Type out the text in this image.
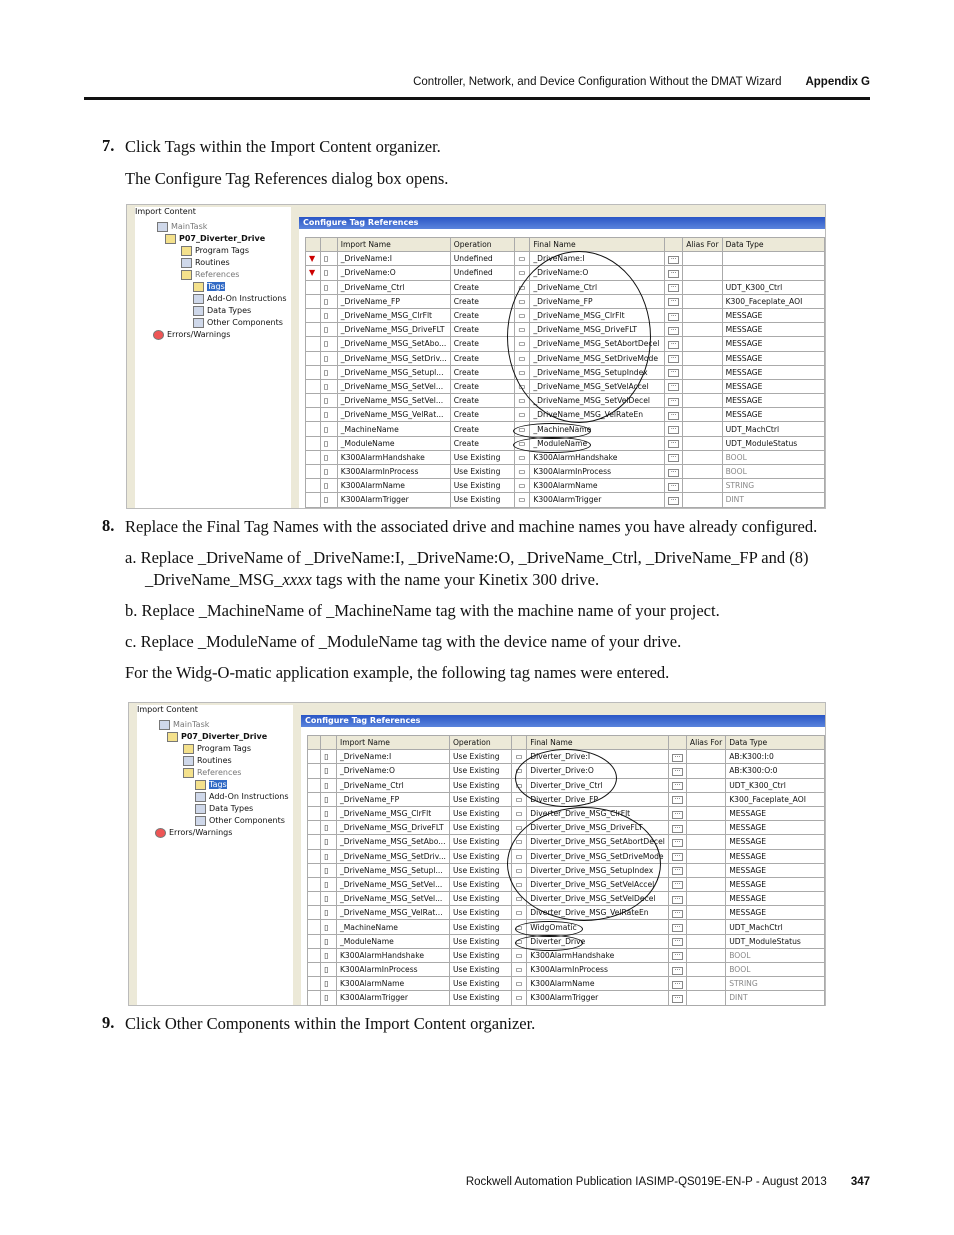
Controller, Network, and Device Configuration Without the DMAT Wizard Appendix G
7. Click Tags within the Import Content organizer.
The Configure Tag References dialog box opens.
Import Content
MainTask
P07_Diverter_Drive
Program Tags
Routines
References
Tags
Add-On Instructions
Data Types
Other Components
Errors/Warnings
Configure Tag References
		Import Name	Operation		Final Name		Alias For	Data Type
▼	▯	_DriveName:I	Undefined	▭	_DriveName:I	···		
▼	▯	_DriveName:O	Undefined	▭	_DriveName:O	···		
	▯	_DriveName_Ctrl	Create	▭	_DriveName_Ctrl	···		UDT_K300_Ctrl
	▯	_DriveName_FP	Create	▭	_DriveName_FP	···		K300_Faceplate_AOI
	▯	_DriveName_MSG_ClrFlt	Create	▭	_DriveName_MSG_ClrFlt	···		MESSAGE
	▯	_DriveName_MSG_DriveFLT	Create	▭	_DriveName_MSG_DriveFLT	···		MESSAGE
	▯	_DriveName_MSG_SetAbo...	Create	▭	_DriveName_MSG_SetAbortDecel	···		MESSAGE
	▯	_DriveName_MSG_SetDriv...	Create	▭	_DriveName_MSG_SetDriveMode	···		MESSAGE
	▯	_DriveName_MSG_Setupl...	Create	▭	_DriveName_MSG_SetupIndex	···		MESSAGE
	▯	_DriveName_MSG_SetVel...	Create	▭	_DriveName_MSG_SetVelAccel	···		MESSAGE
	▯	_DriveName_MSG_SetVel...	Create	▭	_DriveName_MSG_SetVelDecel	···		MESSAGE
	▯	_DriveName_MSG_VelRat...	Create	▭	_DriveName_MSG_VelRateEn	···		MESSAGE
	▯	_MachineName	Create	▭	_MachineName	···		UDT_MachCtrl
	▯	_ModuleName	Create	▭	_ModuleName	···		UDT_ModuleStatus
	▯	K300AlarmHandshake	Use Existing	▭	K300AlarmHandshake	···		BOOL
	▯	K300AlarmInProcess	Use Existing	▭	K300AlarmInProcess	···		BOOL
	▯	K300AlarmName	Use Existing	▭	K300AlarmName	···		STRING
	▯	K300AlarmTrigger	Use Existing	▭	K300AlarmTrigger	···		DINT
8. Replace the Final Tag Names with the associated drive and machine names you have already configured.
a. Replace _DriveName of _DriveName:I, _DriveName:O, _DriveName_Ctrl, _DriveName_FP and (8)
_DriveName_MSG_xxxx tags with the name your Kinetix 300 drive.
b. Replace _MachineName of _MachineName tag with the machine name of your project.
c. Replace _ModuleName of _ModuleName tag with the device name of your drive.
For the Widg-O-matic application example, the following tag names were entered.
Import Content
MainTask
P07_Diverter_Drive
Program Tags
Routines
References
Tags
Add-On Instructions
Data Types
Other Components
Errors/Warnings
Configure Tag References
		Import Name	Operation		Final Name		Alias For	Data Type
	▯	_DriveName:I	Use Existing	▭	Diverter_Drive:I	···		AB:K300:I:0
	▯	_DriveName:O	Use Existing	▭	Diverter_Drive:O	···		AB:K300:O:0
	▯	_DriveName_Ctrl	Use Existing	▭	Diverter_Drive_Ctrl	···		UDT_K300_Ctrl
	▯	_DriveName_FP	Use Existing	▭	Diverter_Drive_FP	···		K300_Faceplate_AOI
	▯	_DriveName_MSG_ClrFlt	Use Existing	▭	Diverter_Drive_MSG_ClrFlt	···		MESSAGE
	▯	_DriveName_MSG_DriveFLT	Use Existing	▭	Diverter_Drive_MSG_DriveFLT	···		MESSAGE
	▯	_DriveName_MSG_SetAbo...	Use Existing	▭	Diverter_Drive_MSG_SetAbortDecel	···		MESSAGE
	▯	_DriveName_MSG_SetDriv...	Use Existing	▭	Diverter_Drive_MSG_SetDriveMode	···		MESSAGE
	▯	_DriveName_MSG_Setupl...	Use Existing	▭	Diverter_Drive_MSG_SetupIndex	···		MESSAGE
	▯	_DriveName_MSG_SetVel...	Use Existing	▭	Diverter_Drive_MSG_SetVelAccel	···		MESSAGE
	▯	_DriveName_MSG_SetVel...	Use Existing	▭	Diverter_Drive_MSG_SetVelDecel	···		MESSAGE
	▯	_DriveName_MSG_VelRat...	Use Existing	▭	Diverter_Drive_MSG_VelRateEn	···		MESSAGE
	▯	_MachineName	Use Existing	▭	WidgOmatic	···		UDT_MachCtrl
	▯	_ModuleName	Use Existing	▭	Diverter_Drive	···		UDT_ModuleStatus
	▯	K300AlarmHandshake	Use Existing	▭	K300AlarmHandshake	···		BOOL
	▯	K300AlarmInProcess	Use Existing	▭	K300AlarmInProcess	···		BOOL
	▯	K300AlarmName	Use Existing	▭	K300AlarmName	···		STRING
	▯	K300AlarmTrigger	Use Existing	▭	K300AlarmTrigger	···		DINT
9. Click Other Components within the Import Content organizer.
Rockwell Automation Publication IASIMP-QS019E-EN-P - August 2013 347
